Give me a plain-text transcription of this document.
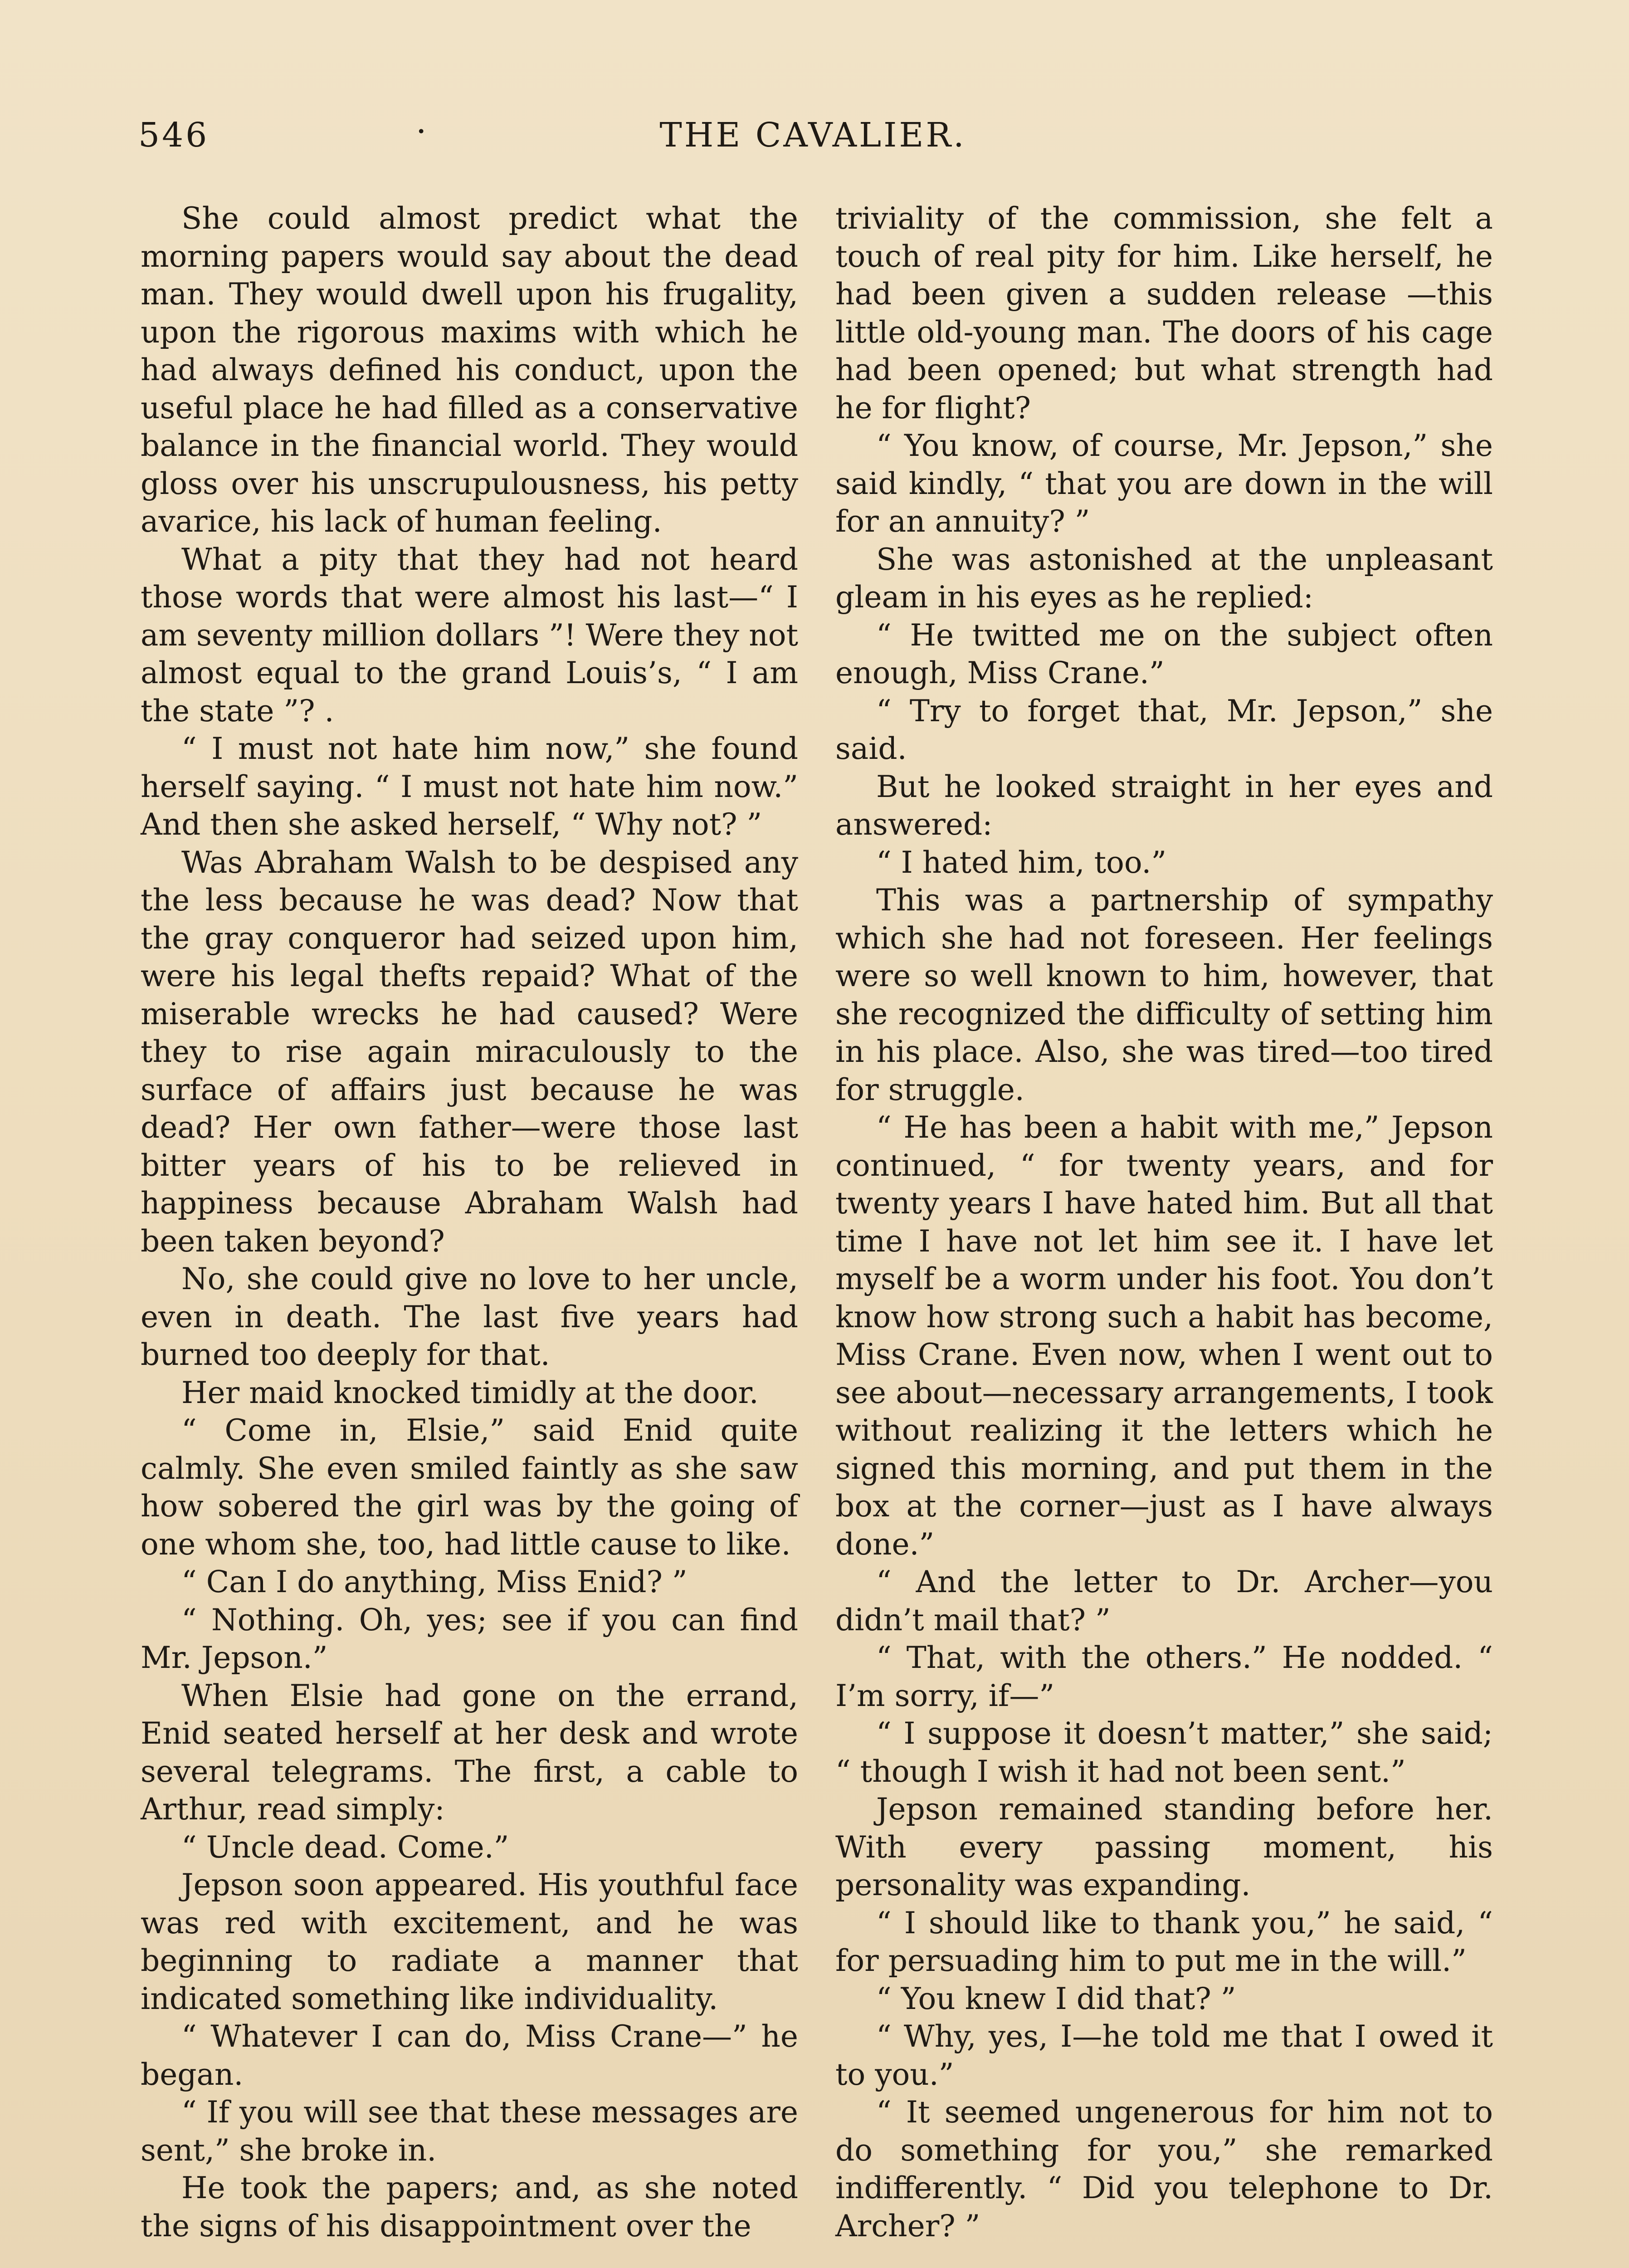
546	·	THE CAVALIER.

She could almost predict what the morning papers would say about the dead man. They would dwell upon his frugality, upon the rigorous maxims with which he had always defined his conduct, upon the useful place he had filled as a conservative balance in the financial world. They would gloss over his unscrupulousness, his petty avarice, his lack of human feeling.

What a pity that they had not heard those words that were almost his last—“ I am seventy million dollars ”! Were they not almost equal to the grand Louis’s, “ I am the state ”? .

“ I must not hate him now,” she found herself saying. “ I must not hate him now.” And then she asked herself, “ Why not? ”

Was Abraham Walsh to be despised any the less because he was dead? Now that the gray conqueror had seized upon him, were his legal thefts repaid? What of the miserable wrecks he had caused? Were they to rise again miraculously to the surface of affairs just because he was dead? Her own father—were those last bitter years of his to be relieved in happiness because Abraham Walsh had been taken beyond?

No, she could give no love to her uncle, even in death. The last five years had burned too deeply for that.

Her maid knocked timidly at the door.

“ Come in, Elsie,” said Enid quite calmly. She even smiled faintly as she saw how sobered the girl was by the going of one whom she, too, had little cause to like.

“ Can I do anything, Miss Enid? ”

“ Nothing. Oh, yes; see if you can find Mr. Jepson.”

When Elsie had gone on the errand, Enid seated herself at her desk and wrote several telegrams. The first, a cable to Arthur, read simply:

“ Uncle dead. Come.”

Jepson soon appeared. His youthful face was red with excitement, and he was beginning to radiate a manner that indicated something like individuality.

“ Whatever I can do, Miss Crane—” he began.

“ If you will see that these messages are sent,” she broke in.

He took the papers; and, as she noted the signs of his disappointment over the

triviality of the commission, she felt a touch of real pity for him. Like herself, he had been given a sudden release —this little old-young man. The doors of his cage had been opened; but what strength had he for flight?

“ You know, of course, Mr. Jepson,” she said kindly, “ that you are down in the will for an annuity? ”

She was astonished at the unpleasant gleam in his eyes as he replied:

“ He twitted me on the subject often enough, Miss Crane.”

“ Try to forget that, Mr. Jepson,” she said.

But he looked straight in her eyes and answered:

“ I hated him, too.”

This was a partnership of sympathy which she had not foreseen. Her feelings were so well known to him, however, that she recognized the difficulty of setting him in his place. Also, she was tired—too tired for struggle.

“ He has been a habit with me,” Jepson continued, “ for twenty years, and for twenty years I have hated him. But all that time I have not let him see it. I have let myself be a worm under his foot. You don’t know how strong such a habit has become, Miss Crane. Even now, when I went out to see about—necessary arrangements, I took without realizing it the letters which he signed this morning, and put them in the box at the corner—just as I have always done.”

“ And the letter to Dr. Archer—you didn’t mail that? ”

“ That, with the others.” He nodded. “ I’m sorry, if—”

“ I suppose it doesn’t matter,” she said; “ though I wish it had not been sent.”

Jepson remained standing before her. With every passing moment, his personality was expanding.

“ I should like to thank you,” he said, “ for persuading him to put me in the will.”

“ You knew I did that? ”

“ Why, yes, I—he told me that I owed it to you.”

“ It seemed ungenerous for him not to do something for you,” she remarked indifferently. “ Did you telephone to Dr. Archer? ”
